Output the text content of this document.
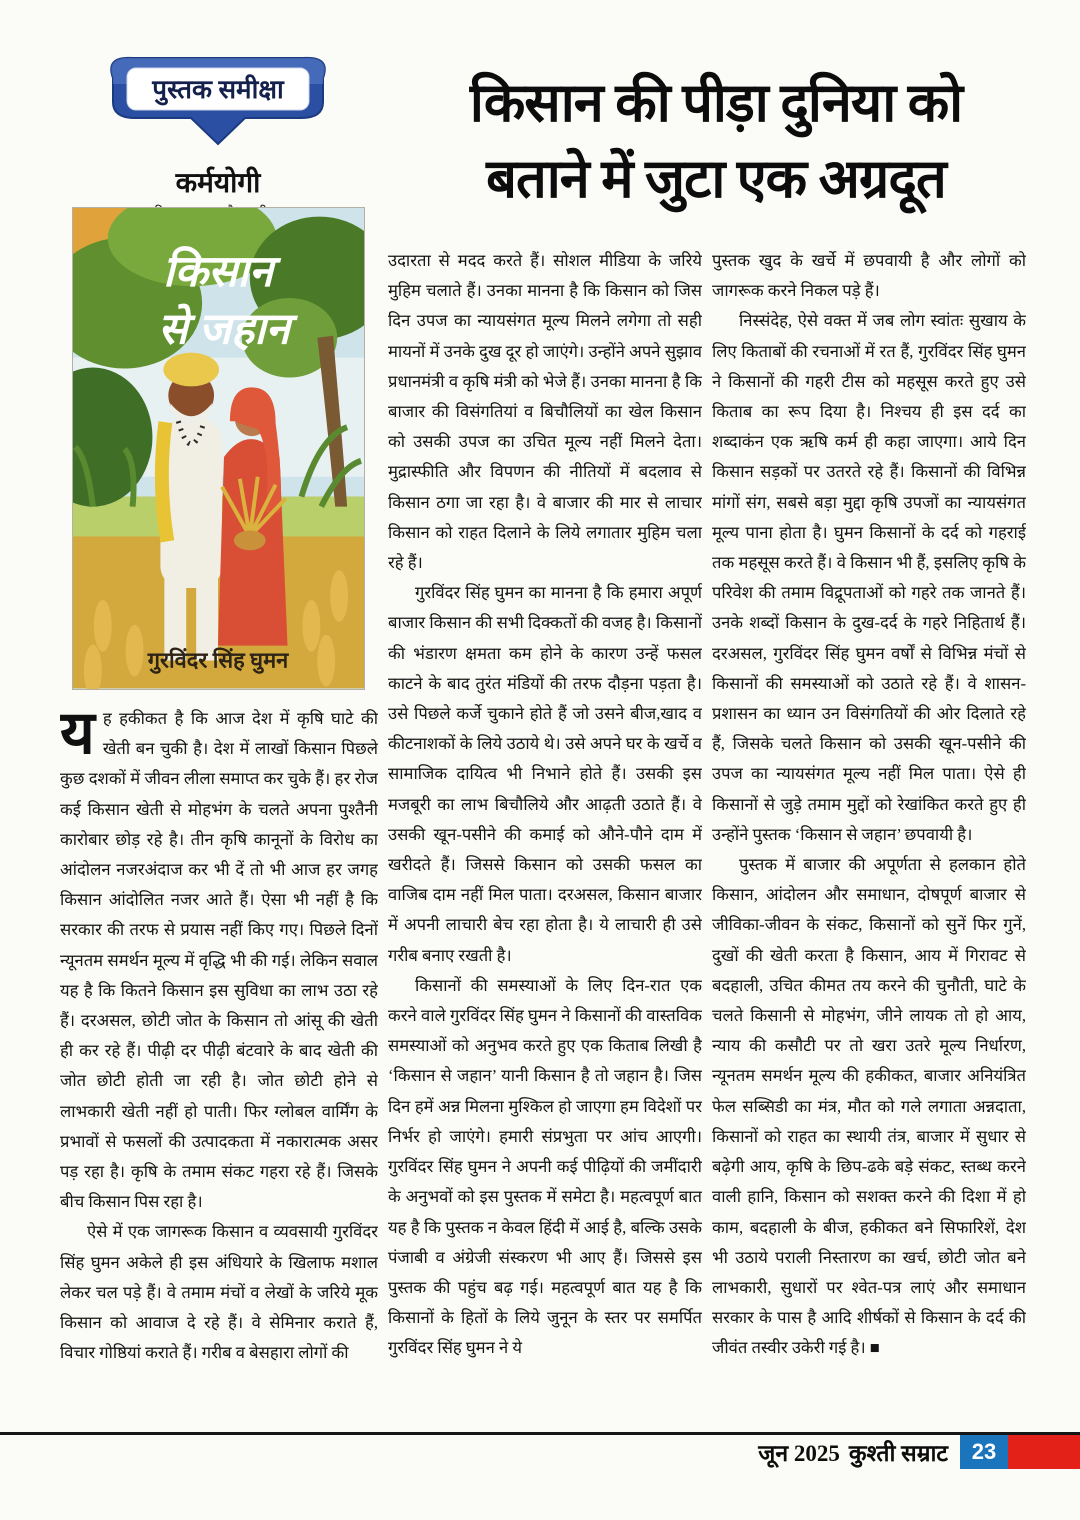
पुस्तक समीक्षा
कर्मयोगी
किसान की पीड़ा दुनिया को
बताने में जुटा एक अग्रदूत
किसान
से जहान
गुरविंदर सिंह घुमन

यह हकीकत है कि आज देश में कृषि घाटे की खेती बन चुकी है। देश में लाखों किसान पिछले कुछ दशकों में जीवन लीला समाप्त कर चुके हैं। हर रोज कई किसान खेती से मोहभंग के चलते अपना पुश्तैनी कारोबार छोड़ रहे है। तीन कृषि कानूनों के विरोध का आंदोलन नजरअंदाज कर भी दें तो भी आज हर जगह किसान आंदोलित नजर आते हैं। ऐसा भी नहीं है कि सरकार की तरफ से प्रयास नहीं किए गए। पिछले दिनों न्यूनतम समर्थन मूल्य में वृद्धि भी की गई। लेकिन सवाल यह है कि कितने किसान इस सुविधा का लाभ उठा रहे हैं। दरअसल, छोटी जोत के किसान तो आंसू की खेती ही कर रहे हैं। पीढ़ी दर पीढ़ी बंटवारे के बाद खेती की जोत छोटी होती जा रही है। जोत छोटी होने से लाभकारी खेती नहीं हो पाती। फिर ग्लोबल वार्मिंग के प्रभावों से फसलों की उत्पादकता में नकारात्मक असर पड़ रहा है। कृषि के तमाम संकट गहरा रहे हैं। जिसके बीच किसान पिस रहा है।

ऐसे में एक जागरूक किसान व व्यवसायी गुरविंदर सिंह घुमन अकेले ही इस अंधियारे के खिलाफ मशाल लेकर चल पड़े हैं। वे तमाम मंचों व लेखों के जरिये मूक किसान को आवाज दे रहे हैं। वे सेमिनार कराते हैं, विचार गोष्ठियां कराते हैं। गरीब व बेसहारा लोगों की

उदारता से मदद करते हैं। सोशल मीडिया के जरिये मुहिम चलाते हैं। उनका मानना है कि किसान को जिस दिन उपज का न्यायसंगत मूल्य मिलने लगेगा तो सही मायनों में उनके दुख दूर हो जाएंगे। उन्होंने अपने सुझाव प्रधानमंत्री व कृषि मंत्री को भेजे हैं। उनका मानना है कि बाजार की विसंगतियां व बिचौलियों का खेल किसान को उसकी उपज का उचित मूल्य नहीं मिलने देता। मुद्रास्फीति और विपणन की नीतियों में बदलाव से किसान ठगा जा रहा है। वे बाजार की मार से लाचार किसान को राहत दिलाने के लिये लगातार मुहिम चला रहे हैं।

गुरविंदर सिंह घुमन का मानना है कि हमारा अपूर्ण बाजार किसान की सभी दिक्कतों की वजह है। किसानों की भंडारण क्षमता कम होने के कारण उन्हें फसल काटने के बाद तुरंत मंडियों की तरफ दौड़ना पड़ता है। उसे पिछले कर्जे चुकाने होते हैं जो उसने बीज,खाद व कीटनाशकों के लिये उठाये थे। उसे अपने घर के खर्चे व सामाजिक दायित्व भी निभाने होते हैं। उसकी इस मजबूरी का लाभ बिचौलिये और आढ़ती उठाते हैं। वे उसकी खून-पसीने की कमाई को औने-पौने दाम में खरीदते हैं। जिससे किसान को उसकी फसल का वाजिब दाम नहीं मिल पाता। दरअसल, किसान बाजार में अपनी लाचारी बेच रहा होता है। ये लाचारी ही उसे गरीब बनाए रखती है।

किसानों की समस्याओं के लिए दिन-रात एक करने वाले गुरविंदर सिंह घुमन ने किसानों की वास्तविक समस्याओं को अनुभव करते हुए एक किताब लिखी है ‘किसान से जहान’ यानी किसान है तो जहान है। जिस दिन हमें अन्न मिलना मुश्किल हो जाएगा हम विदेशों पर निर्भर हो जाएंगे। हमारी संप्रभुता पर आंच आएगी। गुरविंदर सिंह घुमन ने अपनी कई पीढ़ियों की जमींदारी के अनुभवों को इस पुस्तक में समेटा है। महत्वपूर्ण बात यह है कि पुस्तक न केवल हिंदी में आई है, बल्कि उसके पंजाबी व अंग्रेजी संस्करण भी आए हैं। जिससे इस पुस्तक की पहुंच बढ़ गई। महत्वपूर्ण बात यह है कि किसानों के हितों के लिये जुनून के स्तर पर समर्पित गुरविंदर सिंह घुमन ने ये

पुस्तक खुद के खर्चे में छपवायी है और लोगों को जागरूक करने निकल पड़े हैं।

निस्संदेह, ऐसे वक्त में जब लोग स्वांतः सुखाय के लिए किताबों की रचनाओं में रत हैं, गुरविंदर सिंह घुमन ने किसानों की गहरी टीस को महसूस करते हुए उसे किताब का रूप दिया है। निश्चय ही इस दर्द का शब्दाकंन एक ऋषि कर्म ही कहा जाएगा। आये दिन किसान सड़कों पर उतरते रहे हैं। किसानों की विभिन्न मांगों संग, सबसे बड़ा मुद्दा कृषि उपजों का न्यायसंगत मूल्य पाना होता है। घुमन किसानों के दर्द को गहराई तक महसूस करते हैं। वे किसान भी हैं, इसलिए कृषि के परिवेश की तमाम विद्रूपताओं को गहरे तक जानते हैं। उनके शब्दों किसान के दुख-दर्द के गहरे निहितार्थ हैं। दरअसल, गुरविंदर सिंह घुमन वर्षों से विभिन्न मंचों से किसानों की समस्याओं को उठाते रहे हैं। वे शासन-प्रशासन का ध्यान उन विसंगतियों की ओर दिलाते रहे हैं, जिसके चलते किसान को उसकी खून-पसीने की उपज का न्यायसंगत मूल्य नहीं मिल पाता। ऐसे ही किसानों से जुड़े तमाम मुद्दों को रेखांकित करते हुए ही उन्होंने पुस्तक ‘किसान से जहान’ छपवायी है।

पुस्तक में बाजार की अपूर्णता से हलकान होते किसान, आंदोलन और समाधान, दोषपूर्ण बाजार से जीविका-जीवन के संकट, किसानों को सुनें फिर गुनें, दुखों की खेती करता है किसान, आय में गिरावट से बदहाली, उचित कीमत तय करने की चुनौती, घाटे के चलते किसानी से मोहभंग, जीने लायक तो हो आय, न्याय की कसौटी पर तो खरा उतरे मूल्य निर्धारण, न्यूनतम समर्थन मूल्य की हकीकत, बाजार अनियंत्रित फेल सब्सिडी का मंत्र, मौत को गले लगाता अन्नदाता, किसानों को राहत का स्थायी तंत्र, बाजार में सुधार से बढ़ेगी आय, कृषि के छिप-ढके बड़े संकट, स्तब्ध करने वाली हानि, किसान को सशक्त करने की दिशा में हो काम, बदहाली के बीज, हकीकत बने सिफारिशें, देश भी उठाये पराली निस्तारण का खर्च, छोटी जोत बने लाभकारी, सुधारों पर श्वेत-पत्र लाएं और समाधान सरकार के पास है आदि शीर्षकों से किसान के दर्द की जीवंत तस्वीर उकेरी गई है। ■

जून 2025 कुश्ती सम्राट	23
